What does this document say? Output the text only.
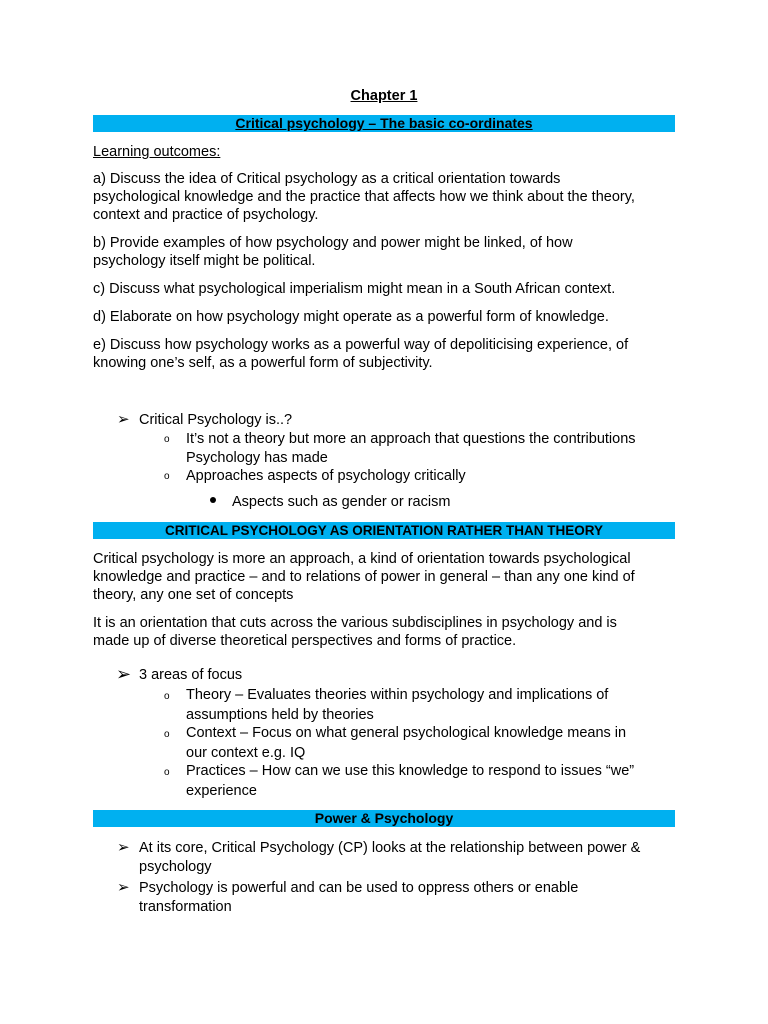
Chapter 1
Critical psychology – The basic co-ordinates
Learning outcomes:
a) Discuss the idea of Critical psychology as a critical orientation towards
psychological knowledge and the practice that affects how we think about the theory,
context and practice of psychology.
b) Provide examples of how psychology and power might be linked, of how
psychology itself might be political.
c) Discuss what psychological imperialism might mean in a South African context.
d) Elaborate on how psychology might operate as a powerful form of knowledge.
e) Discuss how psychology works as a powerful way of depoliticising experience, of
knowing one’s self, as a powerful form of subjectivity.
➢ Critical Psychology is..?
o It’s not a theory but more an approach that questions the contributions
Psychology has made
o Approaches aspects of psychology critically
Aspects such as gender or racism
CRITICAL PSYCHOLOGY AS ORIENTATION RATHER THAN THEORY
Critical psychology is more an approach, a kind of orientation towards psychological
knowledge and practice – and to relations of power in general – than any one kind of
theory, any one set of concepts
It is an orientation that cuts across the various subdisciplines in psychology and is
made up of diverse theoretical perspectives and forms of practice.
➢ 3 areas of focus
o Theory – Evaluates theories within psychology and implications of
assumptions held by theories
o Context – Focus on what general psychological knowledge means in
our context e.g. IQ
o Practices – How can we use this knowledge to respond to issues “we”
experience
Power & Psychology
➢ At its core, Critical Psychology (CP) looks at the relationship between power &
psychology
➢ Psychology is powerful and can be used to oppress others or enable
transformation
